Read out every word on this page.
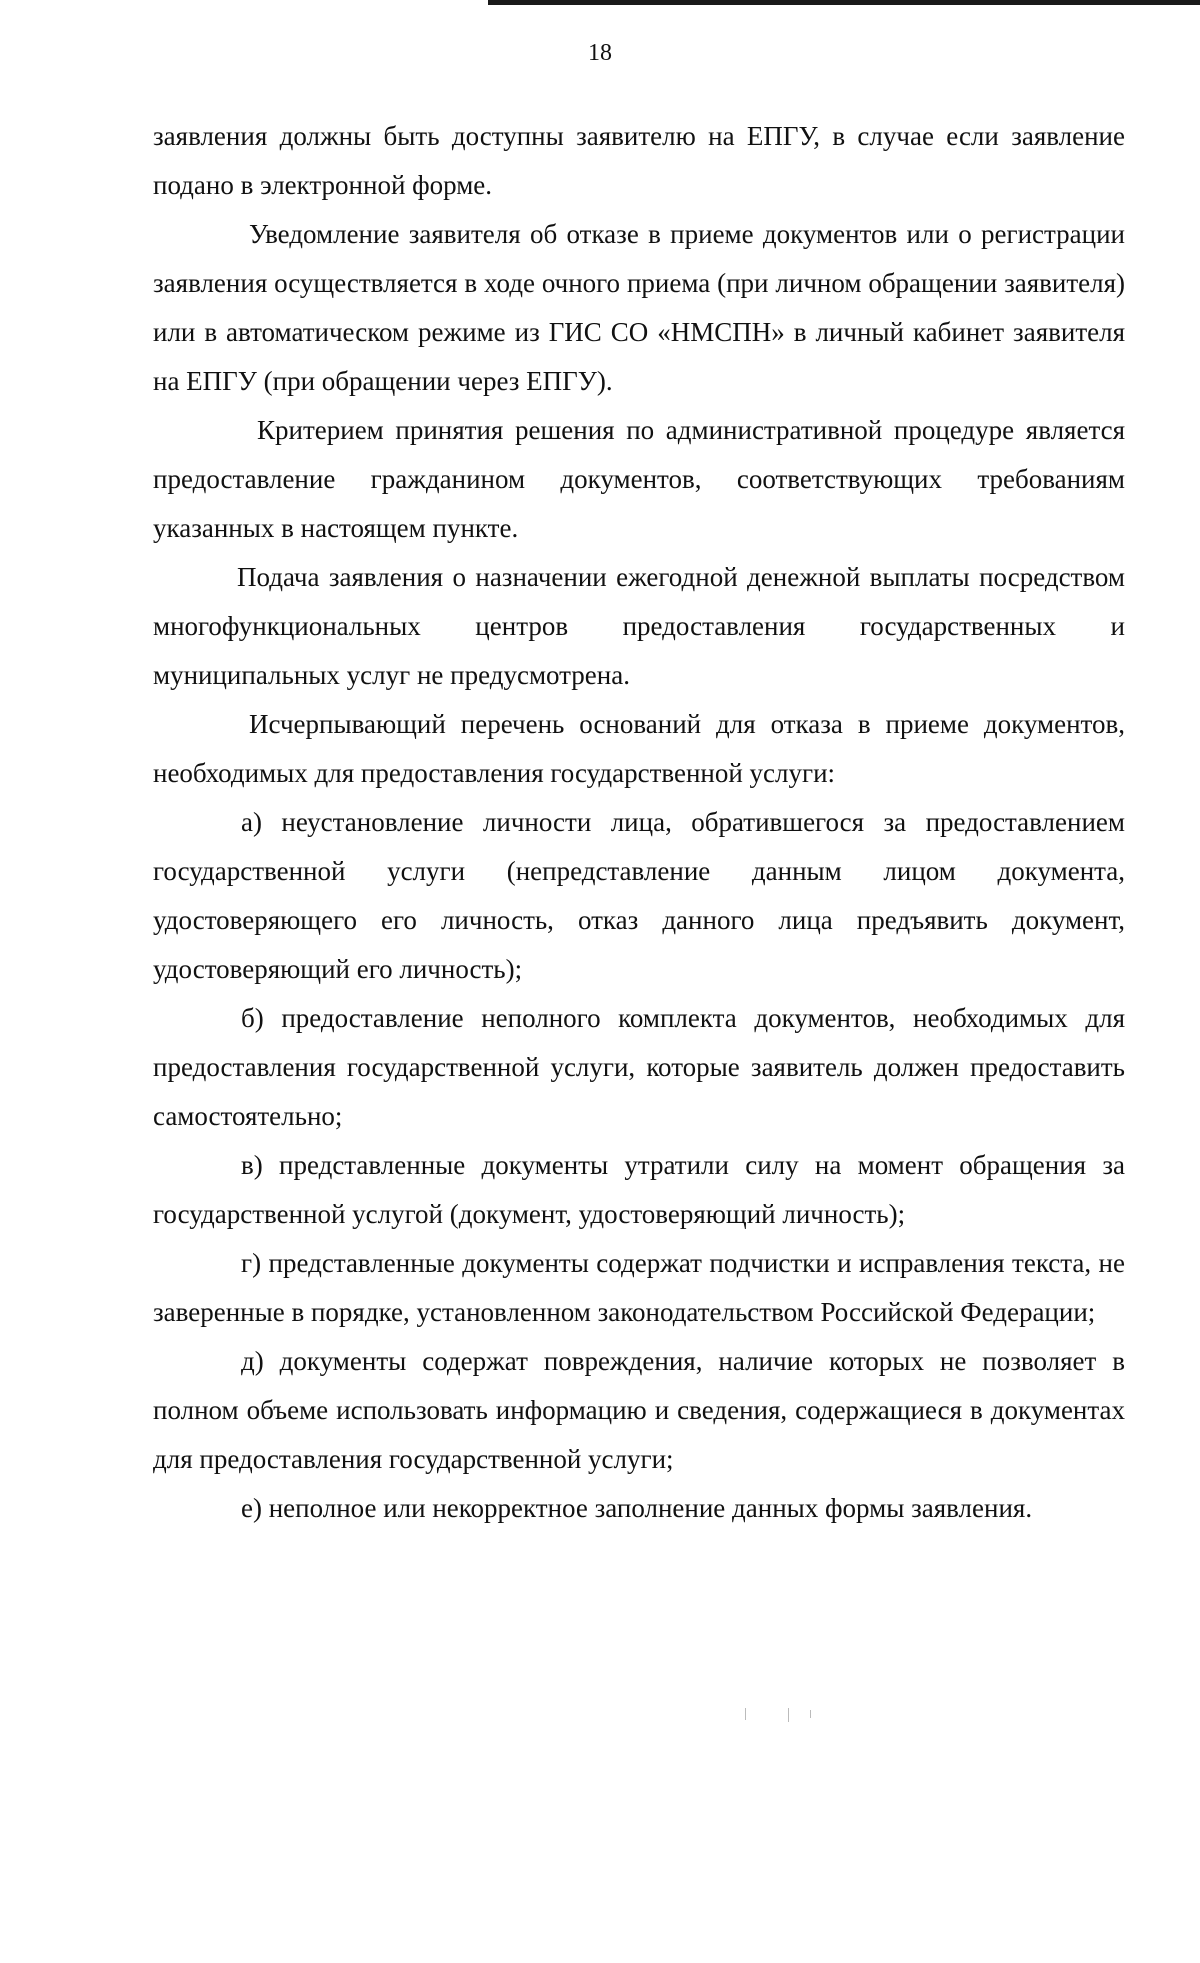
18

заявления должны быть доступны заявителю на ЕПГУ, в случае если заявление подано в электронной форме.

Уведомление заявителя об отказе в приеме документов или о регистрации заявления осуществляется в ходе очного приема (при личном обращении заявителя) или в автоматическом режиме из ГИС СО «НМСПН» в личный кабинет заявителя на ЕПГУ (при обращении через ЕПГУ).

Критерием принятия решения по административной процедуре является предоставление гражданином документов, соответствующих требованиям указанных в настоящем пункте.

Подача заявления о назначении ежегодной денежной выплаты посредством многофункциональных центров предоставления государственных и муниципальных услуг не предусмотрена.

Исчерпывающий перечень оснований для отказа в приеме документов, необходимых для предоставления государственной услуги:

а) неустановление личности лица, обратившегося за предоставлением государственной услуги (непредставление данным лицом документа, удостоверяющего его личность, отказ данного лица предъявить документ, удостоверяющий его личность);

б) предоставление неполного комплекта документов, необходимых для предоставления государственной услуги, которые заявитель должен предоставить самостоятельно;

в) представленные документы утратили силу на момент обращения за государственной услугой (документ, удостоверяющий личность);

г) представленные документы содержат подчистки и исправления текста, не заверенные в порядке, установленном законодательством Российской Федерации;

д) документы содержат повреждения, наличие которых не позволяет в полном объеме использовать информацию и сведения, содержащиеся в документах для предоставления государственной услуги;

е) неполное или некорректное заполнение данных формы заявления.
